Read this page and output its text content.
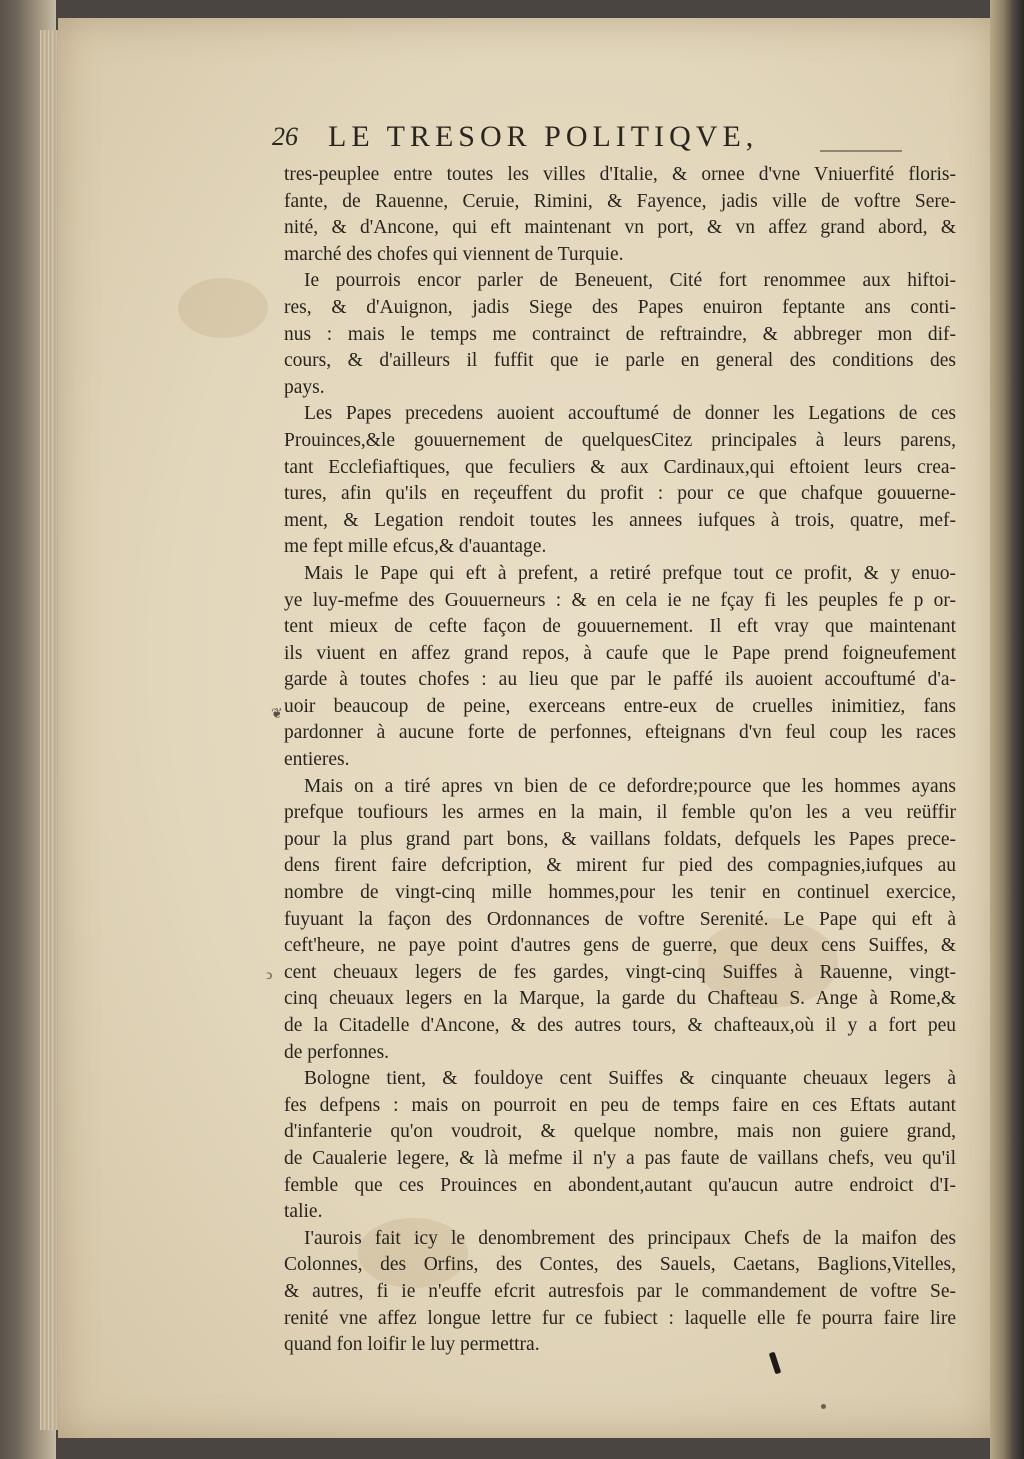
26 LE TRESOR POLITIQVE,
tres-peuplee entre toutes les villes d'Italie, & ornee d'vne Vniuerfité floris-
fante, de Rauenne, Ceruie, Rimini, & Fayence, jadis ville de voftre Sere-
nité, & d'Ancone, qui eft maintenant vn port, & vn affez grand abord, &
marché des chofes qui viennent de Turquie.
Ie pourrois encor parler de Beneuent, Cité fort renommee aux hiftoi-
res, & d'Auignon, jadis Siege des Papes enuiron feptante ans conti-
nus : mais le temps me contrainct de reftraindre, & abbreger mon dif-
cours, & d'ailleurs il fuffit que ie parle en general des conditions des
pays.
Les Papes precedens auoient accouftumé de donner les Legations de ces
Prouinces,&le gouuernement de quelquesCitez principales à leurs parens,
tant Ecclefiaftiques, que feculiers & aux Cardinaux,qui eftoient leurs crea-
tures, afin qu'ils en reçeuffent du profit : pour ce que chafque gouuerne-
ment, & Legation rendoit toutes les annees iufques à trois, quatre, mef-
me fept mille efcus,& d'auantage.
Mais le Pape qui eft à prefent, a retiré prefque tout ce profit, & y enuo-
ye luy-mefme des Gouuerneurs : & en cela ie ne fçay fi les peuples fe p or-
tent mieux de cefte façon de gouuernement. Il eft vray que maintenant
ils viuent en affez grand repos, à caufe que le Pape prend foigneufement
garde à toutes chofes : au lieu que par le paffé ils auoient accouftumé d'a-
uoir beaucoup de peine, exerceans entre-eux de cruelles inimitiez, fans
pardonner à aucune forte de perfonnes, efteignans d'vn feul coup les races
entieres.
Mais on a tiré apres vn bien de ce defordre;pource que les hommes ayans
prefque toufiours les armes en la main, il femble qu'on les a veu reüffir
pour la plus grand part bons, & vaillans foldats, defquels les Papes prece-
dens firent faire defcription, & mirent fur pied des compagnies,iufques au
nombre de vingt-cinq mille hommes,pour les tenir en continuel exercice,
fuyuant la façon des Ordonnances de voftre Serenité. Le Pape qui eft à
ceft'heure, ne paye point d'autres gens de guerre, que deux cens Suiffes, &
cent cheuaux legers de fes gardes, vingt-cinq Suiffes à Rauenne, vingt-
cinq cheuaux legers en la Marque, la garde du Chafteau S. Ange à Rome,&
de la Citadelle d'Ancone, & des autres tours, & chafteaux,où il y a fort peu
de perfonnes.
Bologne tient, & fouldoye cent Suiffes & cinquante cheuaux legers à
fes defpens : mais on pourroit en peu de temps faire en ces Eftats autant
d'infanterie qu'on voudroit, & quelque nombre, mais non guiere grand,
de Caualerie legere, & là mefme il n'y a pas faute de vaillans chefs, veu qu'il
femble que ces Prouinces en abondent,autant qu'aucun autre endroict d'I-
talie.
I'aurois fait icy le denombrement des principaux Chefs de la maifon des
Colonnes, des Orfins, des Contes, des Sauels, Caetans, Baglions,Vitelles,
& autres, fi ie n'euffe efcrit autresfois par le commandement de voftre Se-
renité vne affez longue lettre fur ce fubiect : laquelle elle fe pourra faire lire
quand fon loifir le luy permettra.
❦
ↄ
